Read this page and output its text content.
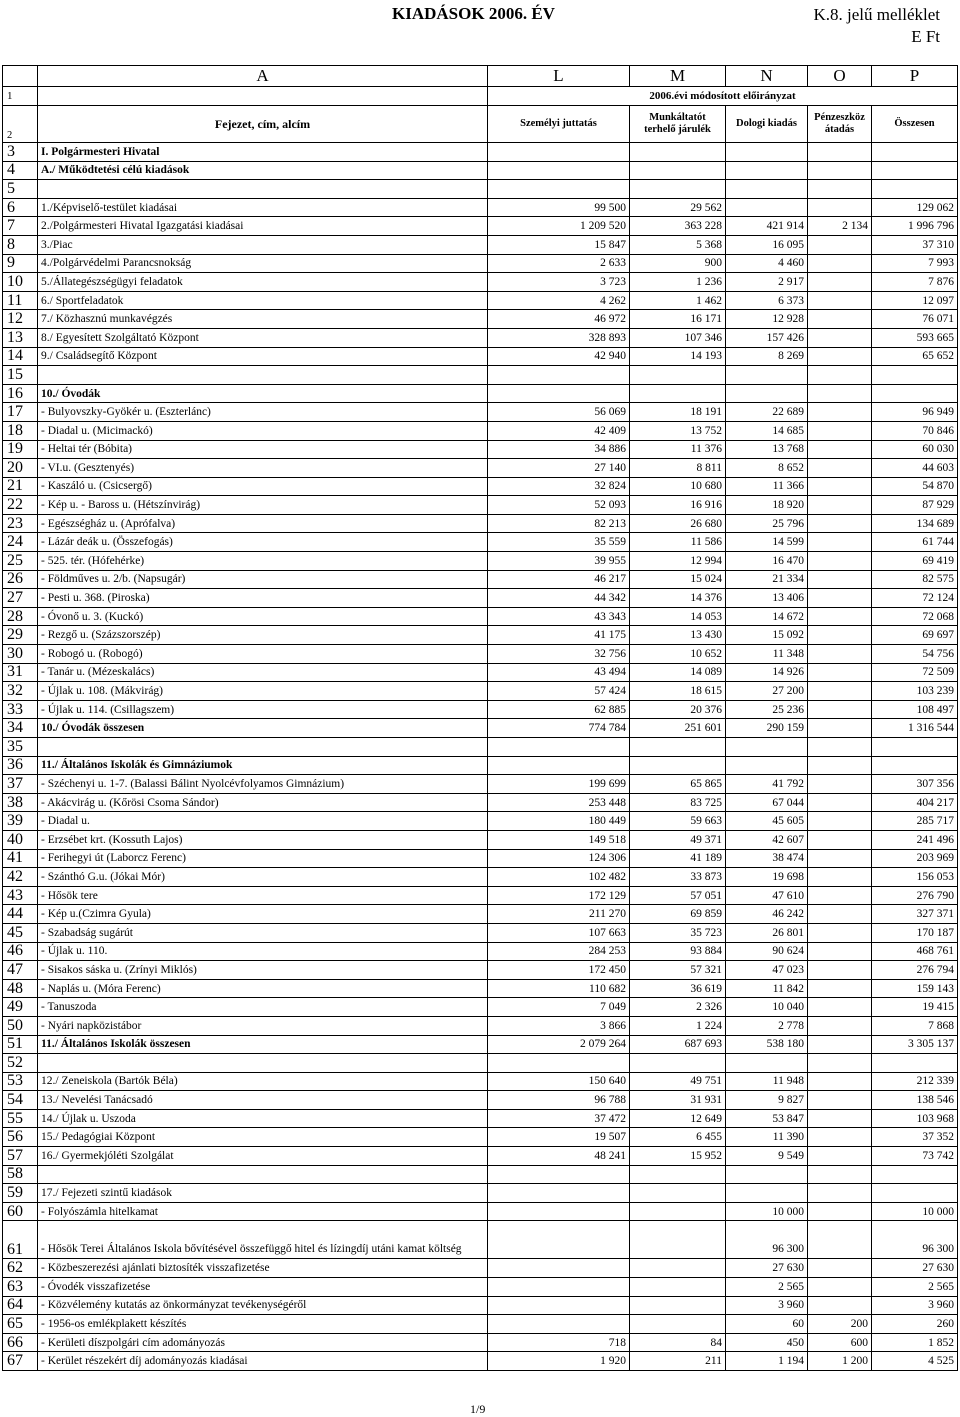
KIADÁSOK 2006. ÉV	K.8. jelű melléklet
E Ft
	A	L	M	N	O	P
1		2006.évi módosított előirányzat				
2	Fejezet, cím, alcím	Személyi juttatás	Munkáltatót terhelő járulék	Dologi kiadás	Pénzeszköz átadás	Összesen
3	I. Polgármesteri Hivatal					
4	A./ Működtetési célú kiadások					
5						
6	1./Képviselő-testület kiadásai	99 500	29 562			129 062
7	2./Polgármesteri Hivatal Igazgatási kiadásai	1 209 520	363 228	421 914	2 134	1 996 796
8	3./Piac	15 847	5 368	16 095		37 310
9	4./Polgárvédelmi Parancsnokság	2 633	900	4 460		7 993
10	5./Állategészségügyi feladatok	3 723	1 236	2 917		7 876
11	6./ Sportfeladatok	4 262	1 462	6 373		12 097
12	7./ Közhasznú munkavégzés	46 972	16 171	12 928		76 071
13	8./ Egyesített Szolgáltató Központ	328 893	107 346	157 426		593 665
14	9./ Családsegítő Központ	42 940	14 193	8 269		65 652
15						
16	10./ Óvodák					
17	- Bulyovszky-Gyökér u. (Eszterlánc)	56 069	18 191	22 689		96 949
18	- Diadal u. (Micimackó)	42 409	13 752	14 685		70 846
19	- Heltai tér (Bóbita)	34 886	11 376	13 768		60 030
20	- VI.u. (Gesztenyés)	27 140	8 811	8 652		44 603
21	- Kaszáló u. (Csicsergő)	32 824	10 680	11 366		54 870
22	- Kép u. - Baross u. (Hétszínvirág)	52 093	16 916	18 920		87 929
23	- Egészségház u. (Aprófalva)	82 213	26 680	25 796		134 689
24	- Lázár deák u. (Összefogás)	35 559	11 586	14 599		61 744
25	- 525. tér. (Hófehérke)	39 955	12 994	16 470		69 419
26	- Földműves u. 2/b. (Napsugár)	46 217	15 024	21 334		82 575
27	- Pesti u. 368. (Piroska)	44 342	14 376	13 406		72 124
28	- Óvonő u. 3. (Kuckó)	43 343	14 053	14 672		72 068
29	- Rezgő u. (Százszorszép)	41 175	13 430	15 092		69 697
30	- Robogó u. (Robogó)	32 756	10 652	11 348		54 756
31	- Tanár u. (Mézeskalács)	43 494	14 089	14 926		72 509
32	- Újlak u. 108. (Mákvirág)	57 424	18 615	27 200		103 239
33	- Újlak u. 114. (Csillagszem)	62 885	20 376	25 236		108 497
34	10./ Óvodák összesen	774 784	251 601	290 159		1 316 544
35						
36	11./ Általános Iskolák és Gimnáziumok					
37	- Széchenyi u. 1-7. (Balassi Bálint Nyolcévfolyamos Gimnázium)	199 699	65 865	41 792		307 356
38	- Akácvirág u. (Kőrösi Csoma Sándor)	253 448	83 725	67 044		404 217
39	- Diadal u.	180 449	59 663	45 605		285 717
40	- Erzsébet krt. (Kossuth Lajos)	149 518	49 371	42 607		241 496
41	- Ferihegyi út (Laborcz Ferenc)	124 306	41 189	38 474		203 969
42	- Szánthó G.u. (Jókai Mór)	102 482	33 873	19 698		156 053
43	- Hősök tere	172 129	57 051	47 610		276 790
44	- Kép u.(Czimra Gyula)	211 270	69 859	46 242		327 371
45	- Szabadság sugárút	107 663	35 723	26 801		170 187
46	- Újlak u. 110.	284 253	93 884	90 624		468 761
47	- Sisakos sáska u. (Zrínyi Miklós)	172 450	57 321	47 023		276 794
48	- Naplás u. (Móra Ferenc)	110 682	36 619	11 842		159 143
49	- Tanuszoda	7 049	2 326	10 040		19 415
50	- Nyári napközistábor	3 866	1 224	2 778		7 868
51	11./ Általános Iskolák összesen	2 079 264	687 693	538 180		3 305 137
52						
53	12./ Zeneiskola (Bartók Béla)	150 640	49 751	11 948		212 339
54	13./ Nevelési Tanácsadó	96 788	31 931	9 827		138 546
55	14./ Újlak u. Uszoda	37 472	12 649	53 847		103 968
56	15./ Pedagógiai Központ	19 507	6 455	11 390		37 352
57	16./ Gyermekjóléti Szolgálat	48 241	15 952	9 549		73 742
58						
59	17./ Fejezeti szintű kiadások					
60	- Folyószámla hitelkamat			10 000		10 000
61	- Hősök Terei Általános Iskola bővítésével összefüggő hitel és lízingdíj utáni kamat költség			96 300		96 300
62	- Közbeszerezési ajánlati biztosíték visszafizetése			27 630		27 630
63	- Óvodék visszafizetése			2 565		2 565
64	- Közvélemény kutatás az önkormányzat tevékenységéről			3 960		3 960
65	- 1956-os emlékplakett készítés			60	200	260
66	- Kerületi díszpolgári cím adományozás	718	84	450	600	1 852
67	- Kerület részekért díj adományozás kiadásai	1 920	211	1 194	1 200	4 525
1/9
